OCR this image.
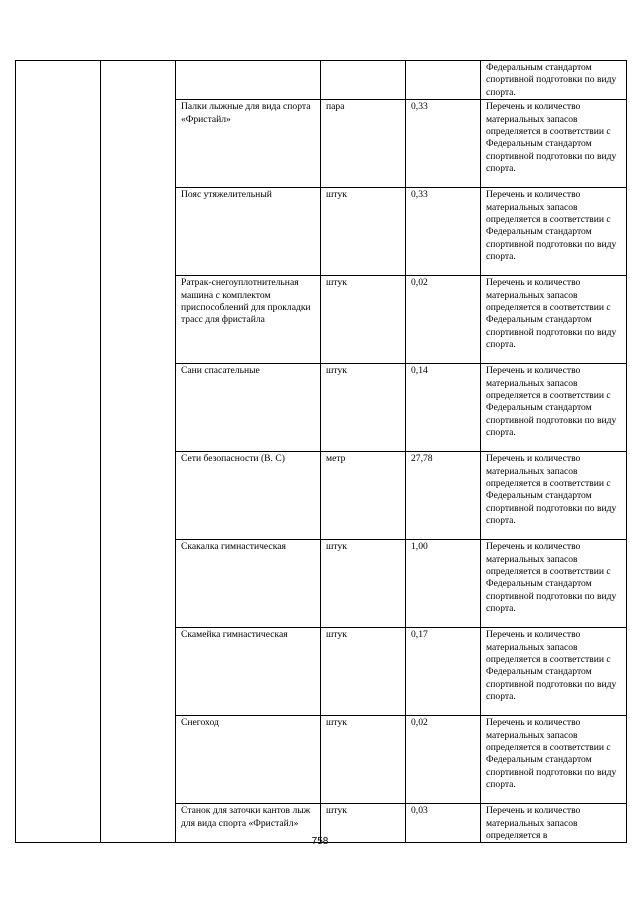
					Федеральным стандартом спортивной подготовки по виду спорта.

		Палки лыжные для вида спорта «Фристайл»	пара	0,33	Перечень и количество материальных запасов определяется в соответствии с Федеральным стандартом спортивной подготовки по виду спорта.

		Пояс утяжелительный	штук	0,33	Перечень и количество материальных запасов определяется в соответствии с Федеральным стандартом спортивной подготовки по виду спорта.

		Ратрак-снегоуплотнительная машина с комплектом приспособлений для прокладки трасс для фристайла	штук	0,02	Перечень и количество материальных запасов определяется в соответствии с Федеральным стандартом спортивной подготовки по виду спорта.

		Сани спасательные	штук	0,14	Перечень и количество материальных запасов определяется в соответствии с Федеральным стандартом спортивной подготовки по виду спорта.

		Сети безопасности (В. С)	метр	27,78	Перечень и количество материальных запасов определяется в соответствии с Федеральным стандартом спортивной подготовки по виду спорта.

		Скакалка гимнастическая	штук	1,00	Перечень и количество материальных запасов определяется в соответствии с Федеральным стандартом спортивной подготовки по виду спорта.

		Скамейка гимнастическая	штук	0,17	Перечень и количество материальных запасов определяется в соответствии с Федеральным стандартом спортивной подготовки по виду спорта.

		Снегоход	штук	0,02	Перечень и количество материальных запасов определяется в соответствии с Федеральным стандартом спортивной подготовки по виду спорта.

		Станок для заточки кантов лыж для вида спорта «Фристайл»	штук	0,03	Перечень и количество материальных запасов определяется в
758
